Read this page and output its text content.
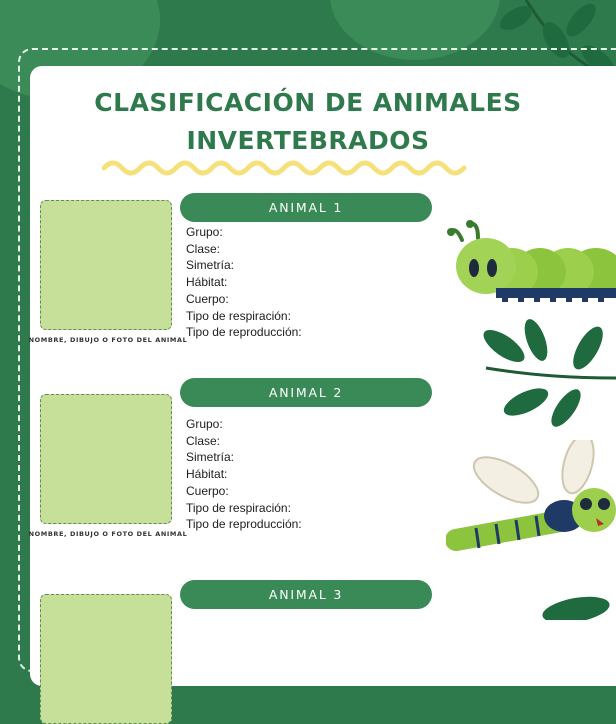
CLASIFICACIÓN DE ANIMALES
INVERTEBRADOS
NOMBRE, DIBUJO O FOTO DEL ANIMAL
ANIMAL 1
Grupo:
Clase:
Simetría:
Hábitat:
Cuerpo:
Tipo de respiración:
Tipo de reproducción:
NOMBRE, DIBUJO O FOTO DEL ANIMAL
ANIMAL 2
Grupo:
Clase:
Simetría:
Hábitat:
Cuerpo:
Tipo de respiración:
Tipo de reproducción:
ANIMAL 3
